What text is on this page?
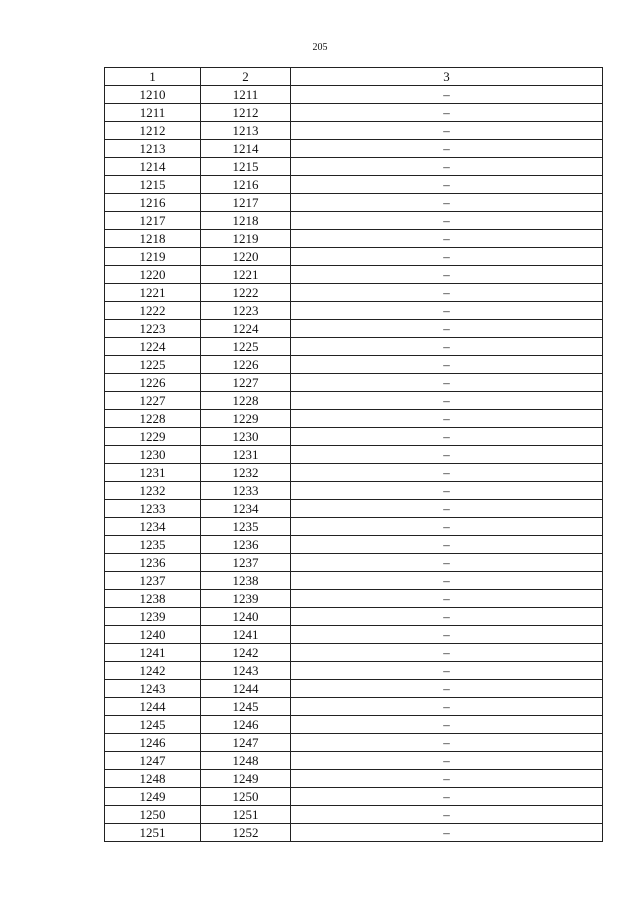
205
1	2	3
1210	1211	–
1211	1212	–
1212	1213	–
1213	1214	–
1214	1215	–
1215	1216	–
1216	1217	–
1217	1218	–
1218	1219	–
1219	1220	–
1220	1221	–
1221	1222	–
1222	1223	–
1223	1224	–
1224	1225	–
1225	1226	–
1226	1227	–
1227	1228	–
1228	1229	–
1229	1230	–
1230	1231	–
1231	1232	–
1232	1233	–
1233	1234	–
1234	1235	–
1235	1236	–
1236	1237	–
1237	1238	–
1238	1239	–
1239	1240	–
1240	1241	–
1241	1242	–
1242	1243	–
1243	1244	–
1244	1245	–
1245	1246	–
1246	1247	–
1247	1248	–
1248	1249	–
1249	1250	–
1250	1251	–
1251	1252	–
